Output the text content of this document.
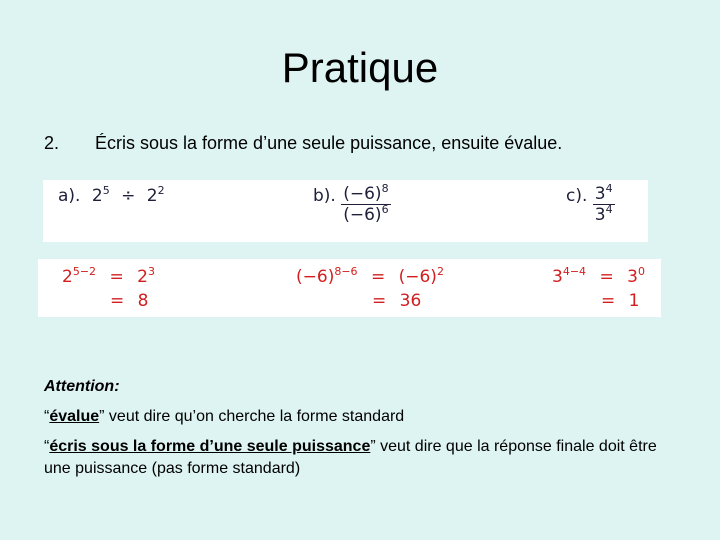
Pratique
2. Écris sous la forme d’une seule puissance, ensuite évalue.
a). $2^5 \div 2^2$	b). $\frac{(-6)^8}{(-6)^6}$	c). $\frac{3^4}{3^4}$
$2^{5-2} = 2^3$
= 8
$(-6)^{8-6} = (-6)^2$
= 36
$3^{4-4} = 3^0$
= 1
Attention:
“évalue” veut dire qu’on cherche la forme standard
“écris sous la forme d’une seule puissance” veut dire que la réponse finale doit être une puissance (pas forme standard)
